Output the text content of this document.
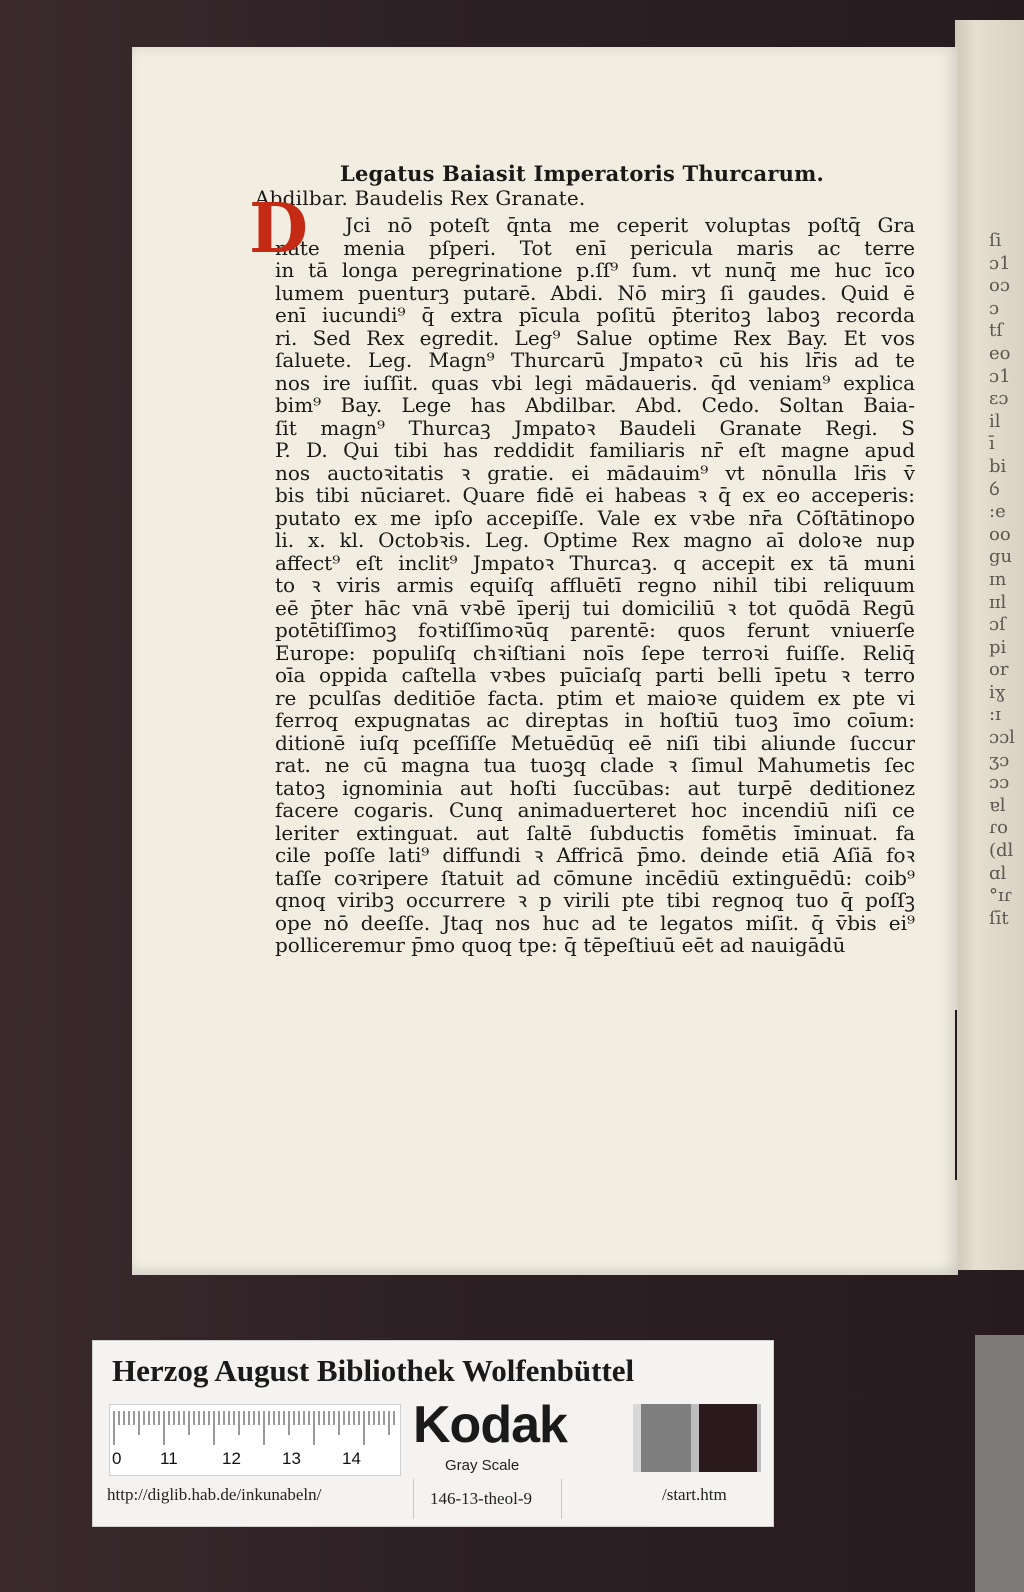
ſi
ɔ1
oɔ
ɔ
tſ
eo
ɔ1
ɛɔ
il
ī
bi
ỽ
:e
oo
gu
ɪn
ɪɪl
ɔſ
pi
or
iɣ
:ɪ
ɔɔl
ʒɔ
ɔɔ
ɐl
ɾo
(dl
ɑl
°ɪɾ
ſīt
Legatus Baiasit Imperatoris Thurcarum.
Abdilbar. Baudelis Rex Granate.
D	Jci nō poteſt q̄nta me ceperit voluptas poſtq̄ Gra
nate menia pſperi. Tot enī pericula maris ac terre
in tā longa peregrinatione p.ſſ⁹ ſum. vt nunq̄ me huc īco
lumem puenturꝫ putarē. Abdi. Nō mirꝫ ſi gaudes. Quid ē
enī iucundi⁹ q̄ extra pīcula poſitū p̄teritoꝫ laboꝫ recorda
ri. Sed Rex egredit. Leg⁹ Salue optime Rex Bay. Et vos
ſaluete. Leg. Magn⁹ Thurcarū Jmpatoꝛ cū his lr̄is ad te
nos ire iuſſit. quas vbi legi mādaueris. q̄d veniam⁹ explica
bim⁹ Bay. Lege has Abdilbar. Abd. Cedo. Soltan Baia-
ſit magn⁹ Thurcaꝫ Jmpatoꝛ Baudeli Granate Regi. S
P. D. Qui tibi has reddidit familiaris nr̄ eſt magne apud
nos auctoꝛitatis ꝛ gratie. ei mādauim⁹ vt nōnulla lr̄is v̄
bis tibi nūciaret. Quare fidē ei habeas ꝛ q̄ ex eo acceperis:
putato ex me ipſo accepiſſe. Vale ex vꝛbe nr̄a Cōſtātinopo
li. x. kl̄. Octobꝛis. Leg. Optime Rex magno aī doloꝛe nup
affect⁹ eſt inclit⁹ Jmpatoꝛ Thurcaꝫ. q accepit ex tā muni
to ꝛ viris armis equiſq affluētī regno nihil tibi reliquum
eē p̄ter hāc vnā vꝛbē īperij tui domiciliū ꝛ tot quōdā Regū
potētiſſimoꝫ foꝛtiſſimoꝛūq parentē: quos ferunt vniuerſe
Europe: populiſq chꝛiſtiani noīs ſepe terroꝛi fuiſſe. Reliq̄
oīa oppida caſtella vꝛbes puīciaſq parti belli īpetu ꝛ terro
re pculſas deditiōe facta. ptim et maioꝛe quidem ex pte vi
ferroq expugnatas ac direptas in hoſtiū tuoꝫ īmo coīum:
ditionē iuſq pceſſiſſe Metuēdūq eē niſi tibi aliunde ſuccur
rat. ne cū magna tua tuoꝫq clade ꝛ ſimul Mahumetis ſec
tatoꝫ ignominia aut hoſti ſuccūbas: aut turpē deditionez
facere cogaris. Cunq animaduerteret hoc incendiū niſi ce
leriter extinguat. aut ſaltē ſubductis fomētis īminuat. fa
cile poſſe lati⁹ diffundi ꝛ Affricā p̄mo. deinde etiā Aſiā foꝛ
taſſe coꝛripere ſtatuit ad cōmune incēdiū extinguēdū: coib⁹
qnoq viribꝫ occurrere ꝛ p virili pte tibi regnoq tuo q̄ poſſꝫ
ope nō deeſſe. Jtaq nos huc ad te legatos miſit. q̄ v̄bis ei⁹
polliceremur p̄mo quoq tpe: q̄ tēpeſtiuū eēt ad nauigādū
Herzog August Bibliothek Wolfenbüttel
0 11	12 13 14
Kodak
Gray Scale
http://diglib.hab.de/inkunabeln/	146-13-theol-9	/start.htm
